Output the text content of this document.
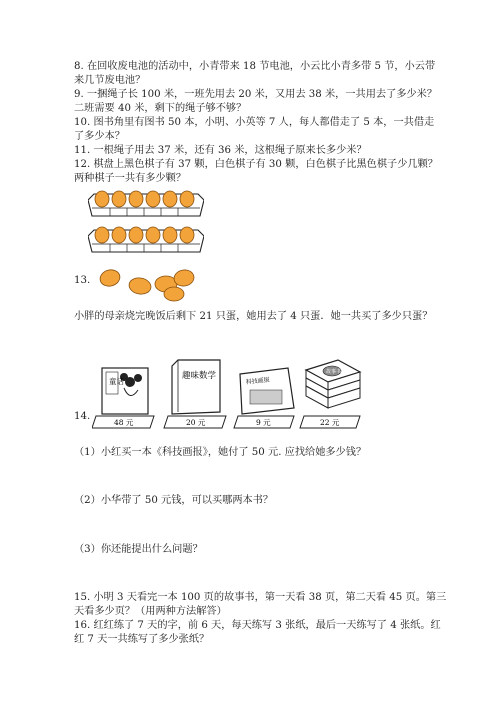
8. 在回收废电池的活动中，小青带来 18 节电池，小云比小青多带 5 节，小云带
来几节废电池？
9. 一捆绳子长 100 米，一班先用去 20 米，又用去 38 米，一共用去了多少米？
二班需要 40 米，剩下的绳子够不够？
10. 图书角里有图书 50 本，小明、小英等 7 人，每人都借走了 5 本，一共借走
了多少本？
11. 一根绳子用去 37 米，还有 36 米，这根绳子原来长多少米？
12. 棋盘上黑色棋子有 37 颗，白色棋子有 30 颗，白色棋子比黑色棋子少几颗？
两种棋子一共有多少颗？
13.
小胖的母亲烧完晚饭后剩下 21 只蛋，她用去了 4 只蛋．她一共买了多少只蛋？
童话
趣味数学
科技画报
故事书
48 元	20 元	9 元	22 元
14.
（1）小红买一本《科技画报》，她付了 50 元. 应找给她多少钱？
（2）小华带了 50 元钱，可以买哪两本书？
（3）你还能提出什么问题？
15. 小明 3 天看完一本 100 页的故事书，第一天看 38 页，第二天看 45 页。第三
天看多少页？（用两种方法解答）
16. 红红练了 7 天的字，前 6 天，每天练写 3 张纸，最后一天练写了 4 张纸。红
红 7 天一共练写了多少张纸？
